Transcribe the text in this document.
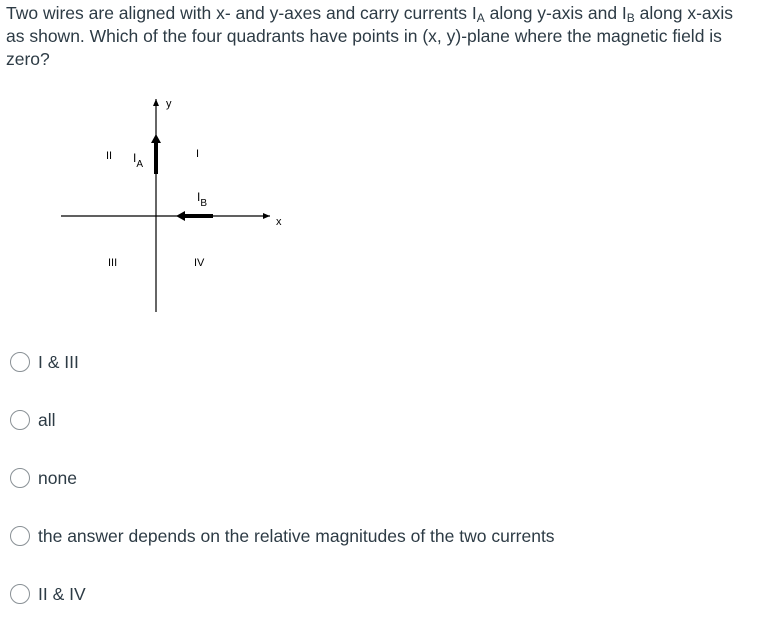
Two wires are aligned with x- and y-axes and carry currents $I_A$ along y-axis and $I_B$ along x-axis as shown. Which of the four quadrants have points in (x, y)-plane where the magnetic field is zero?
x
y
$I_A$
$I_B$
I
II
III	IV
I & III
all
none
the answer depends on the relative magnitudes of the two currents
II & IV
